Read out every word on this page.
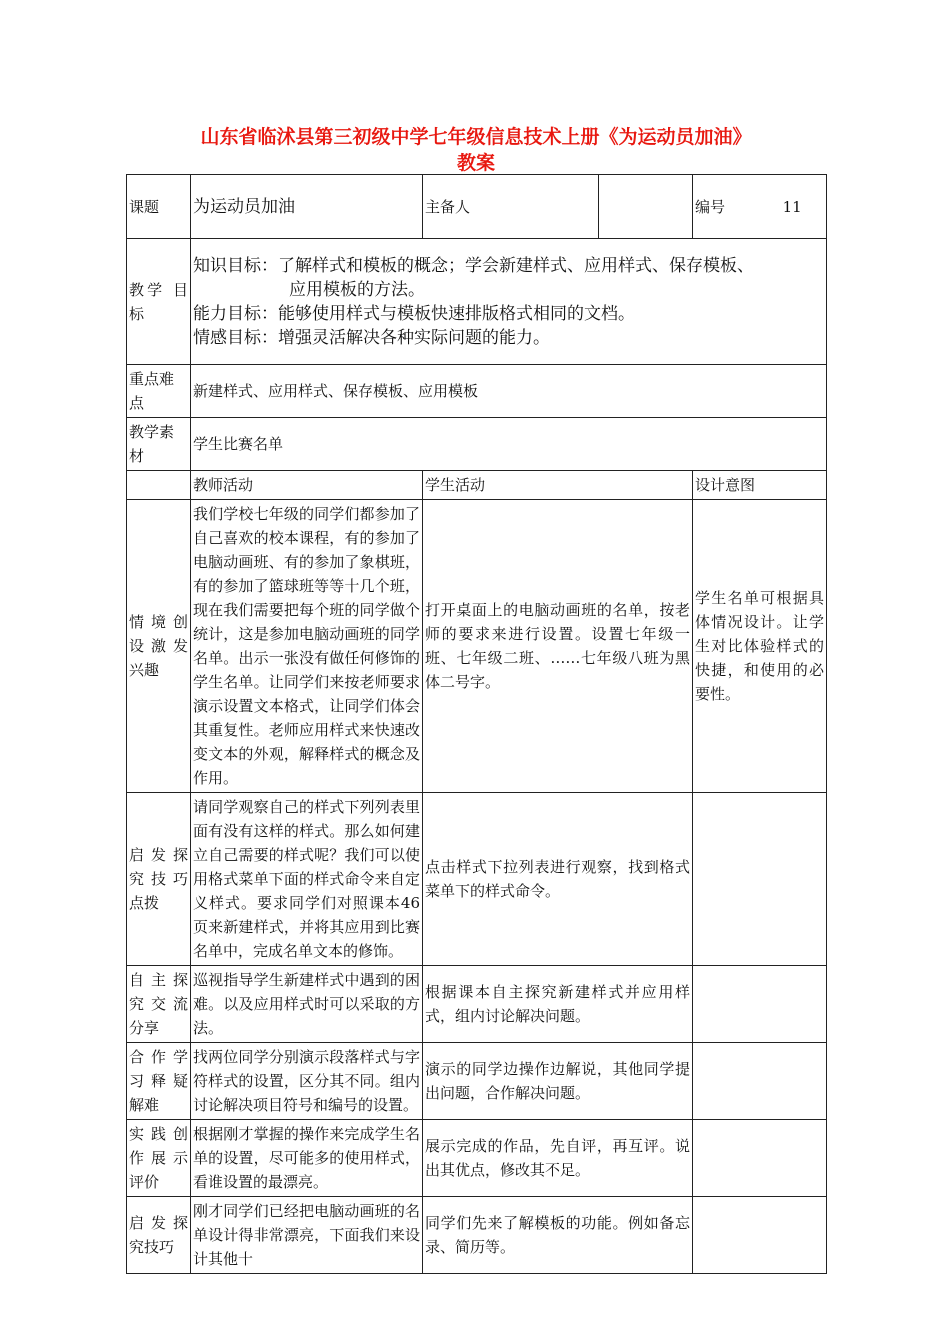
山东省临沭县第三初级中学七年级信息技术上册《为运动员加油》
教案
课题	为运动员加油	主备人		编号 11
教学 目标	知识目标：了解样式和模板的概念；学会新建样式、应用样式、保存模板、
应用模板的方法。
能力目标：能够使用样式与模板快速排版格式相同的文档。
情感目标：增强灵活解决各种实际问题的能力。			

重点难点	新建样式、应用样式、保存模板、应用模板			
教学素材	学生比赛名单			
	教师活动	学生活动		设计意图
情境创设激发兴趣	我们学校七年级的同学们都参加了自己喜欢的校本课程，有的参加了电脑动画班、有的参加了象棋班，有的参加了篮球班等等十几个班，现在我们需要把每个班的同学做个统计，这是参加电脑动画班的同学名单。出示一张没有做任何修饰的学生名单。让同学们来按老师要求演示设置文本格式，让同学们体会其重复性。老师应用样式来快速改变文本的外观，解释样式的概念及作用。	打开桌面上的电脑动画班的名单，按老师的要求来进行设置。设置七年级一班、七年级二班、……七年级八班为黑体二号字。		学生名单可根据具体情况设计。让学生对比体验样式的快捷，和使用的必要性。
启发探究技巧点拨	请同学观察自己的样式下列列表里面有没有这样的样式。那么如何建立自己需要的样式呢？我们可以使用格式菜单下面的样式命令来自定义样式。要求同学们对照课本46页来新建样式，并将其应用到比赛名单中，完成名单文本的修饰。	点击样式下拉列表进行观察，找到格式菜单下的样式命令。		
自主探究交流分享	巡视指导学生新建样式中遇到的困难。以及应用样式时可以采取的方法。	根据课本自主探究新建样式并应用样式，组内讨论解决问题。		
合作学习释疑解难	找两位同学分别演示段落样式与字符样式的设置，区分其不同。组内讨论解决项目符号和编号的设置。	演示的同学边操作边解说，其他同学提出问题，合作解决问题。		
实践创作展示评价	根据刚才掌握的操作来完成学生名单的设置，尽可能多的使用样式，看谁设置的最漂亮。	展示完成的作品，先自评，再互评。说出其优点，修改其不足。		
启发探究技巧	刚才同学们已经把电脑动画班的名单设计得非常漂亮，下面我们来设计其他十	同学们先来了解模板的功能。例如备忘录、简历等。		
